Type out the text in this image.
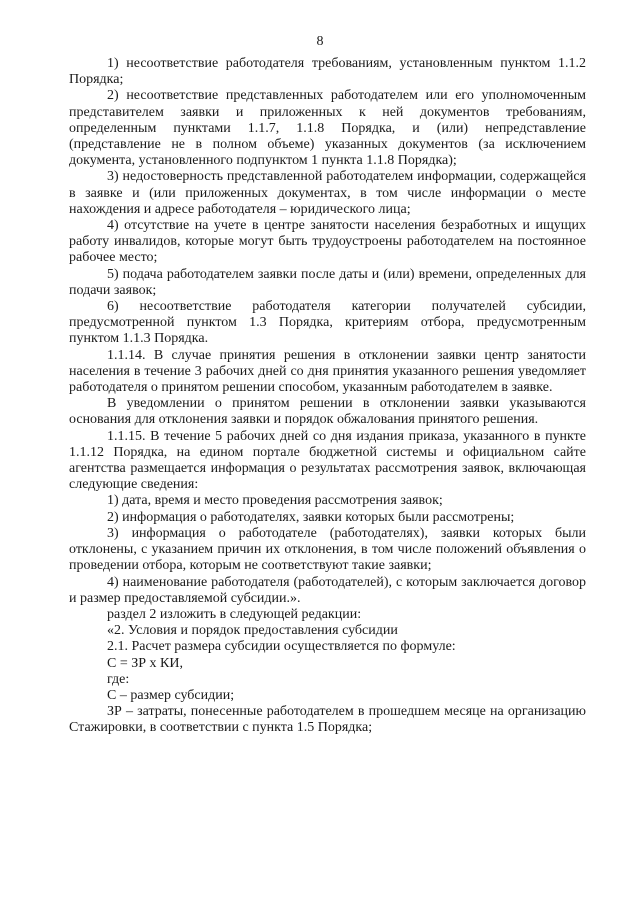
8

1) несоответствие работодателя требованиям, установленным пунктом 1.1.2 Порядка;

2) несоответствие представленных работодателем или его уполномоченным представителем заявки и приложенных к ней документов требованиям, определенным пунктами 1.1.7, 1.1.8 Порядка, и (или) непредставление (представление не в полном объеме) указанных документов (за исключением документа, установленного подпунктом 1 пункта 1.1.8 Порядка);

3) недостоверность представленной работодателем информации, содержащейся в заявке и (или приложенных документах, в том числе информации о месте нахождения и адресе работодателя – юридического лица;

4) отсутствие на учете в центре занятости населения безработных и ищущих работу инвалидов, которые могут быть трудоустроены работодателем на постоянное рабочее место;

5) подача работодателем заявки после даты и (или) времени, определенных для подачи заявок;

6) несоответствие работодателя категории получателей субсидии, предусмотренной пунктом 1.3 Порядка, критериям отбора, предусмотренным пунктом 1.1.3 Порядка.

1.1.14. В случае принятия решения в отклонении заявки центр занятости населения в течение 3 рабочих дней со дня принятия указанного решения уведомляет работодателя о принятом решении способом, указанным работодателем в заявке.

В уведомлении о принятом решении в отклонении заявки указываются основания для отклонения заявки и порядок обжалования принятого решения.

1.1.15. В течение 5 рабочих дней со дня издания приказа, указанного в пункте 1.1.12 Порядка, на едином портале бюджетной системы и официальном сайте агентства размещается информация о результатах рассмотрения заявок, включающая следующие сведения:

1) дата, время и место проведения рассмотрения заявок;

2) информация о работодателях, заявки которых были рассмотрены;

3) информация о работодателе (работодателях), заявки которых были отклонены, с указанием причин их отклонения, в том числе положений объявления о проведении отбора, которым не соответствуют такие заявки;

4) наименование работодателя (работодателей), с которым заключается договор и размер предоставляемой субсидии.».

раздел 2 изложить в следующей редакции:

«2. Условия и порядок предоставления субсидии

2.1. Расчет размера субсидии осуществляется по формуле:

С = ЗР х КИ,

где:

С – размер субсидии;

ЗР – затраты, понесенные работодателем в прошедшем месяце на организацию Стажировки, в соответствии с пункта 1.5 Порядка;
